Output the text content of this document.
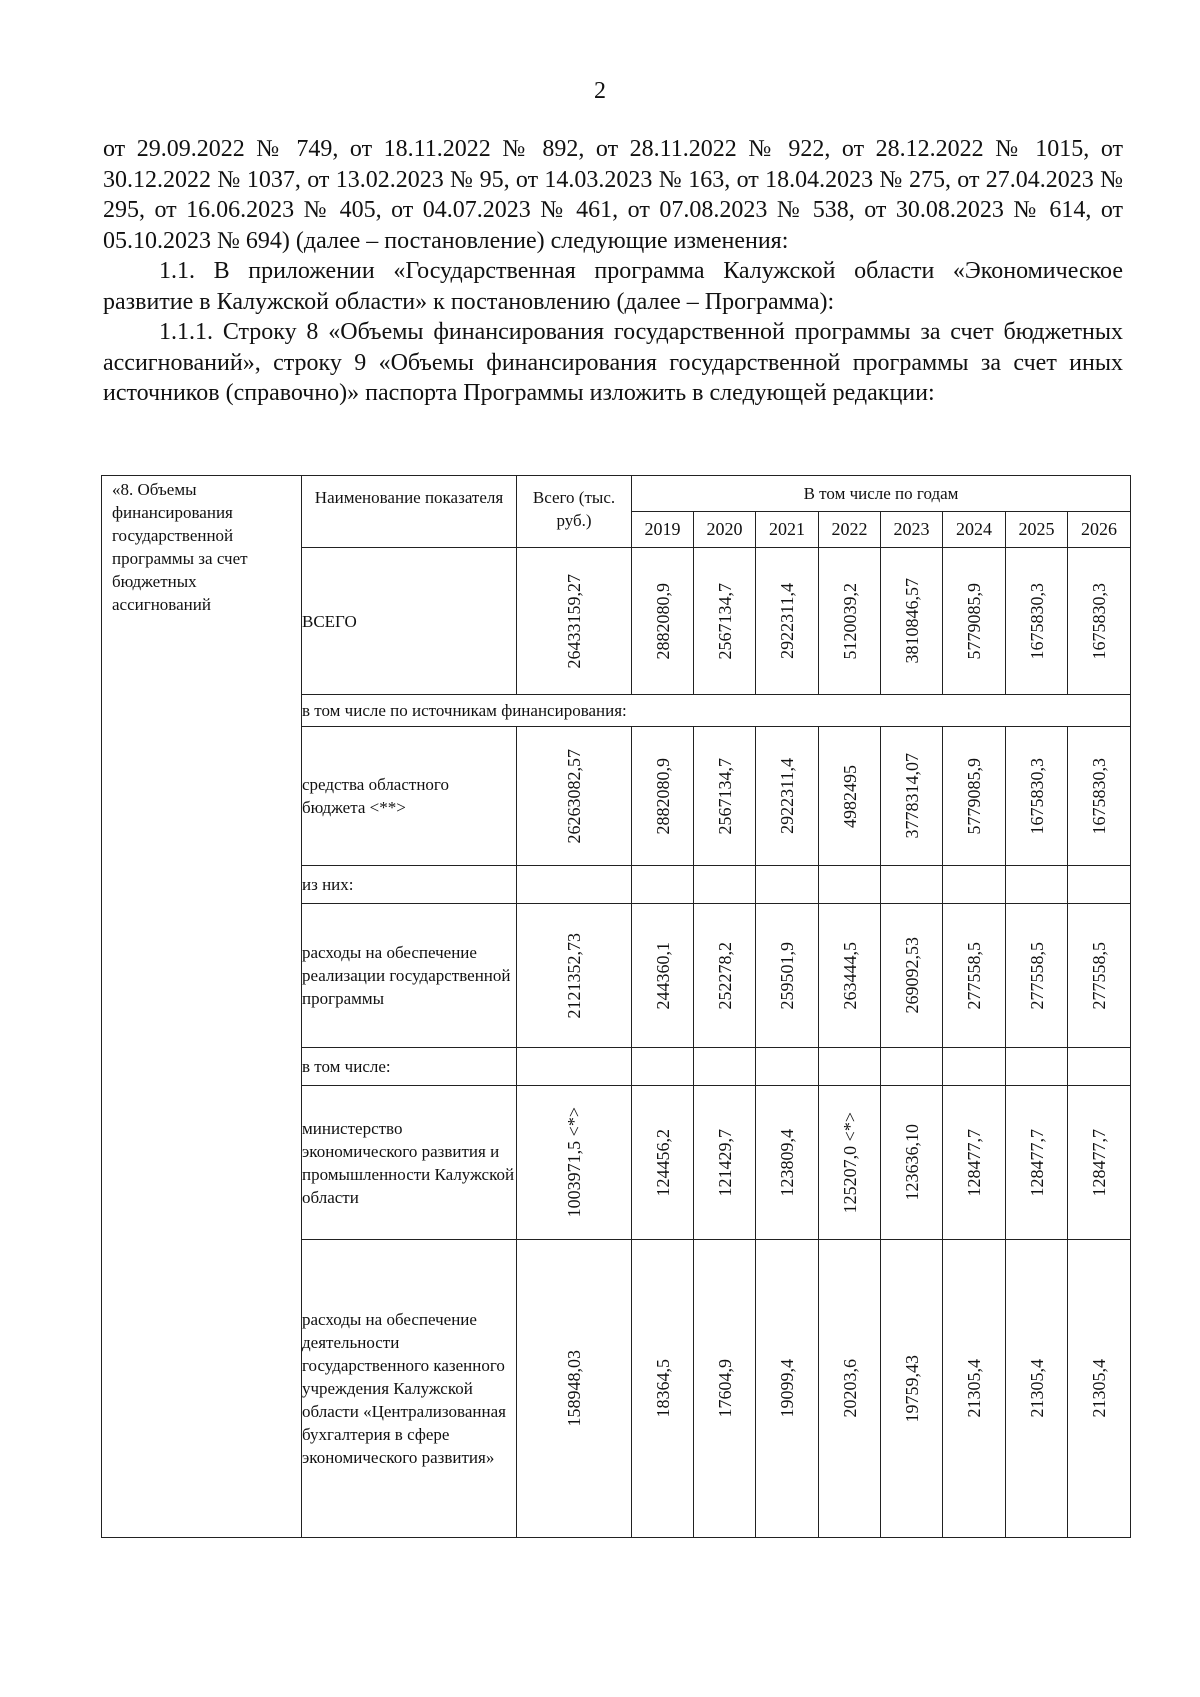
2

от 29.09.2022 № 749, от 18.11.2022 № 892, от 28.11.2022 № 922, от 28.12.2022 № 1015, от 30.12.2022 № 1037, от 13.02.2023 № 95, от 14.03.2023 № 163, от 18.04.2023 № 275, от 27.04.2023 № 295, от 16.06.2023 № 405, от 04.07.2023 № 461, от 07.08.2023 № 538, от 30.08.2023 № 614, от 05.10.2023 № 694) (далее – постановление) следующие изменения:

1.1. В приложении «Государственная программа Калужской области «Экономическое развитие в Калужской области» к постановлению (далее – Программа):

1.1.1. Строку 8 «Объемы финансирования государственной программы за счет бюджетных ассигнований», строку 9 «Объемы финансирования государственной программы за счет иных источников (справочно)» паспорта Программы изложить в следующей редакции:

«8. Объемы финансирования государственной программы за счет бюджетных ассигнований	Наименование показателя	Всего (тыс. руб.)	В том числе по годам							
			2019	2020	2021	2022	2023	2024	2025	2026
	ВСЕГО	26433159,27	2882080,9	2567134,7	2922311,4	5120039,2	3810846,57	5779085,9	1675830,3	1675830,3

	в том числе по источникам финансирования:									
	средства областного бюджета <**>	26263082,57	2882080,9	2567134,7	2922311,4	4982495	3778314,07	5779085,9	1675830,3	1675830,3

	из них:									
	расходы на обеспечение реализации государственной программы	2121352,73	244360,1	252278,2	259501,9	263444,5	269092,53	277558,5	277558,5	277558,5

	в том числе:									
	министерство экономического развития и промышленности Калужской области	1003971,5 <*>	124456,2	121429,7	123809,4	125207,0 <*>	123636,10	128477,7	128477,7	128477,7

	расходы на обеспечение деятельности государственного казенного учреждения Калужской области «Централизованная бухгалтерия в сфере экономического развития»	158948,03	18364,5	17604,9	19099,4	20203,6	19759,43	21305,4	21305,4	21305,4
